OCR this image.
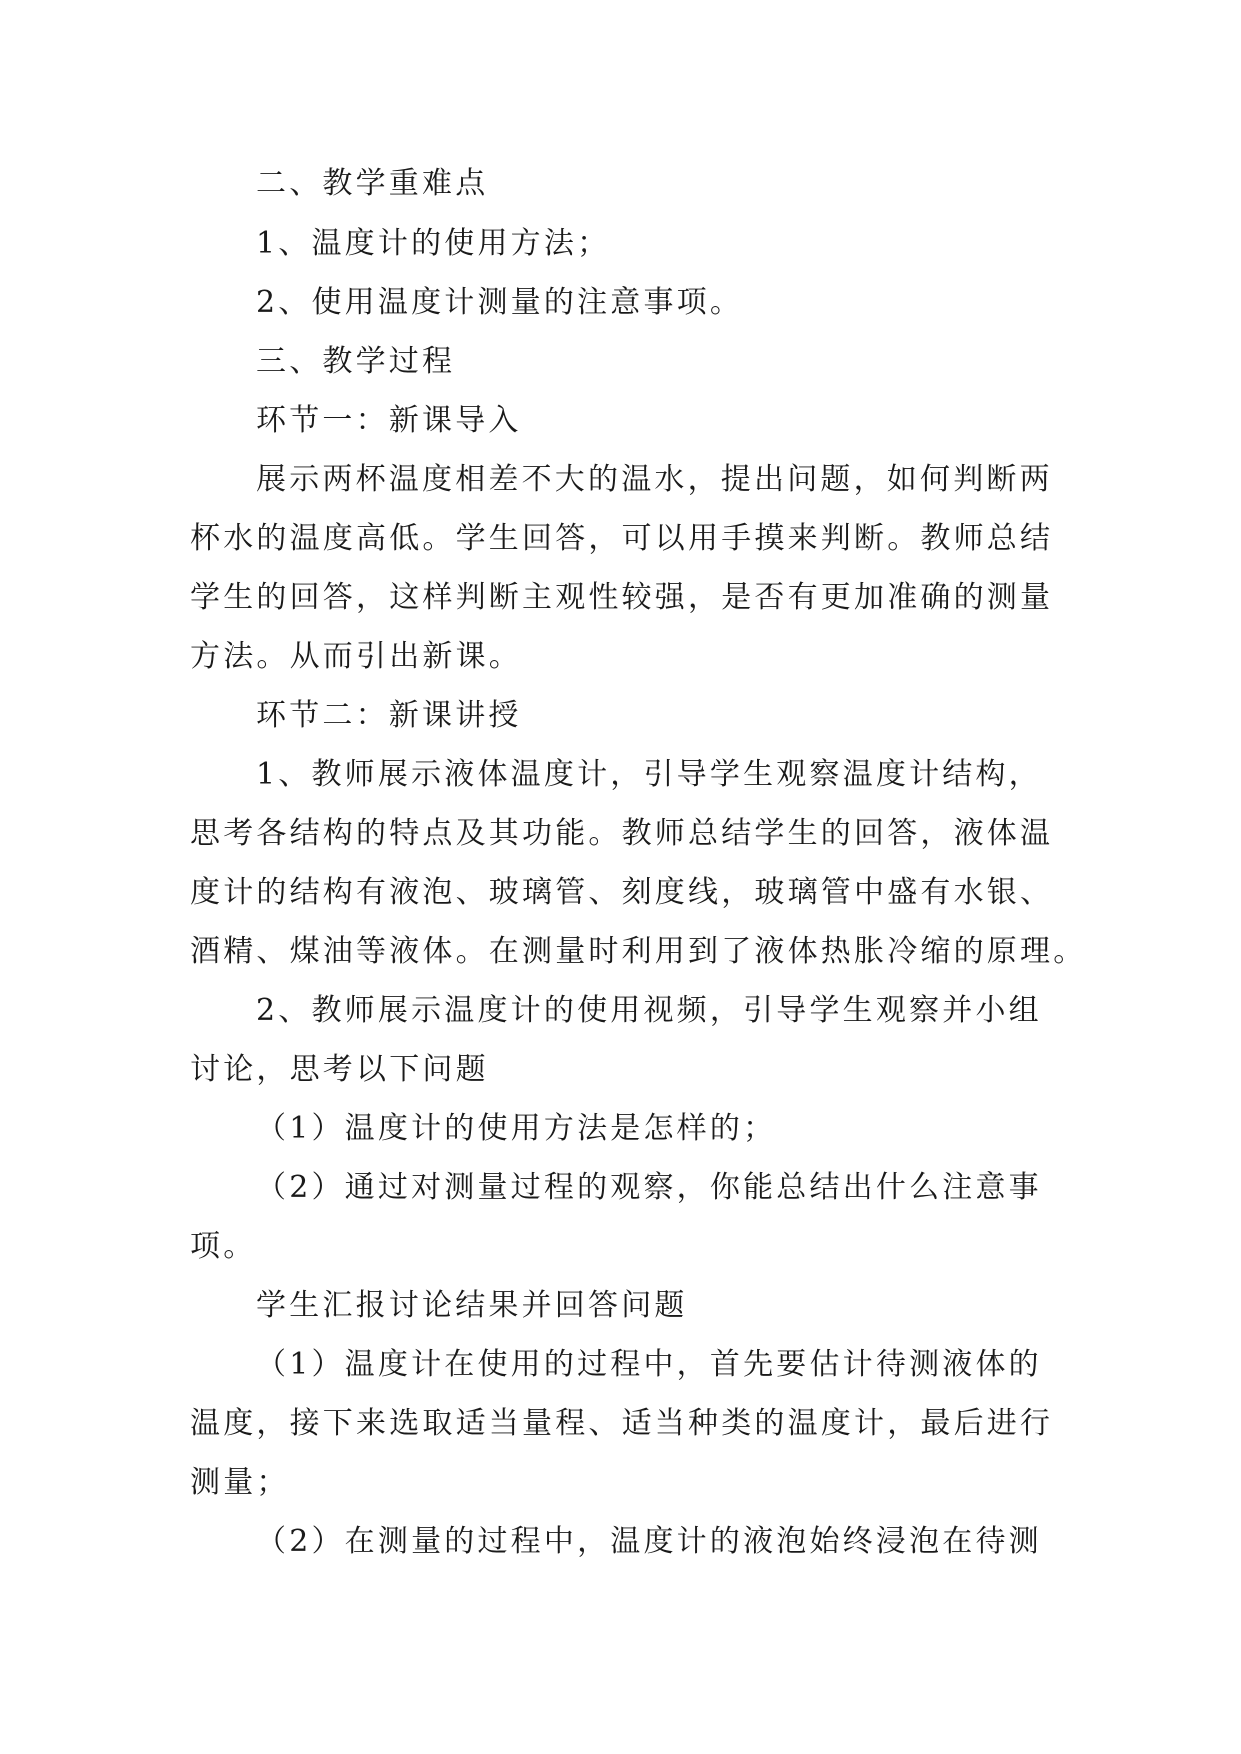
二、教学重难点
1、温度计的使用方法；
2、使用温度计测量的注意事项。
三、教学过程
环节一：新课导入
展示两杯温度相差不大的温水，提出问题，如何判断两
杯水的温度高低。学生回答，可以用手摸来判断。教师总结
学生的回答，这样判断主观性较强，是否有更加准确的测量
方法。从而引出新课。
环节二：新课讲授
1、教师展示液体温度计，引导学生观察温度计结构，
思考各结构的特点及其功能。教师总结学生的回答，液体温
度计的结构有液泡、玻璃管、刻度线，玻璃管中盛有水银、
酒精、煤油等液体。在测量时利用到了液体热胀冷缩的原理。
2、教师展示温度计的使用视频，引导学生观察并小组
讨论，思考以下问题
（1）温度计的使用方法是怎样的；
（2）通过对测量过程的观察，你能总结出什么注意事
项。
学生汇报讨论结果并回答问题
（1）温度计在使用的过程中，首先要估计待测液体的
温度，接下来选取适当量程、适当种类的温度计，最后进行
测量；
（2）在测量的过程中，温度计的液泡始终浸泡在待测
